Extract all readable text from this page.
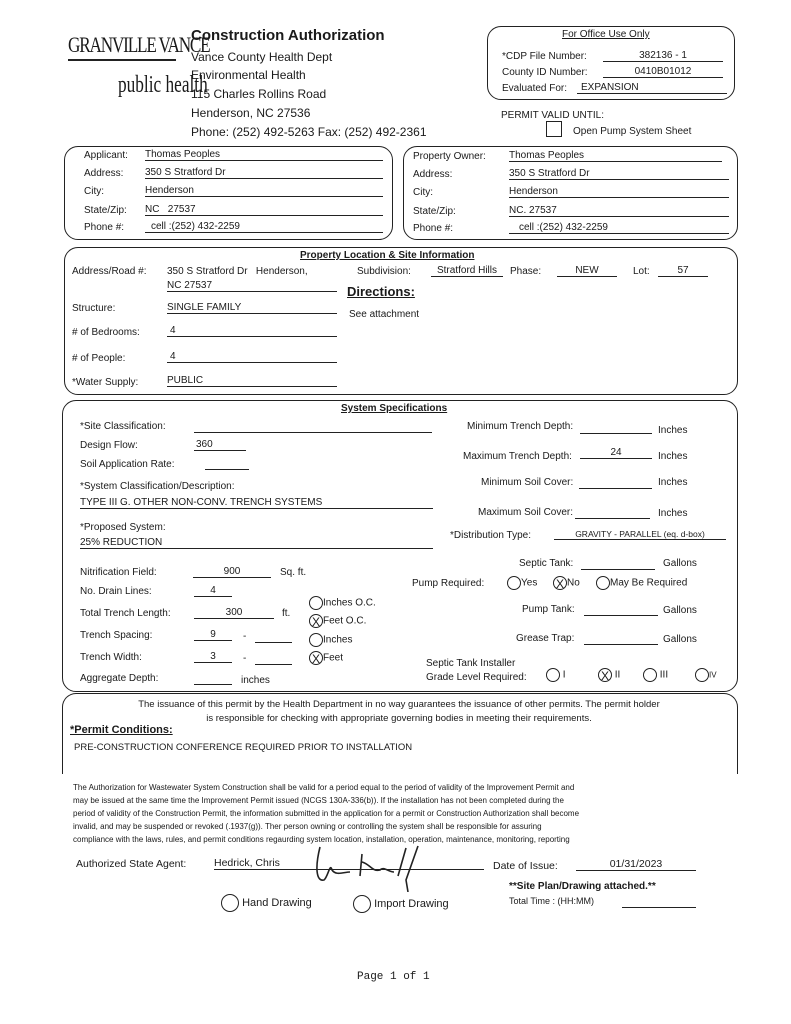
GRANVILLE VANCE
public health
Construction Authorization
Vance County Health Dept
Environmental Health
115 Charles Rollins Road
Henderson, NC 27536
Phone: (252) 492-5263 Fax: (252) 492-2361
For Office Use Only
*CDP File Number:	382136 - 1
County ID Number:	0410B01012
Evaluated For:	EXPANSION
PERMIT VALID UNTIL:
Open Pump System Sheet
Applicant: Thomas Peoples
Address: 350 S Stratford Dr
City:	Henderson
State/Zip: NC   27537
Phone #:	cell :(252) 432-2259
Property Owner: Thomas Peoples
Address:	350 S Stratford Dr
City:	Henderson
State/Zip:	NC. 27537
Phone #:	cell :(252) 432-2259
Property Location & Site Information
Address/Road #: 350 S Stratford Dr   Henderson,
NC 27537
Subdivision:	Stratford Hills	Phase:	NEW	Lot:	57
Directions:
See attachment
Structure:	SINGLE FAMILY
# of Bedrooms:	4
# of People:	4
*Water Supply:	PUBLIC
System Specifications
*Site Classification:
Design Flow:	360
Soil Application Rate:
*System Classification/Description:
TYPE III G. OTHER NON-CONV. TRENCH SYSTEMS
*Proposed System:
25% REDUCTION
Minimum Trench Depth:	Inches
Maximum Trench Depth:	24	Inches
Minimum Soil Cover:	Inches
Maximum Soil Cover:	Inches
*Distribution Type:	GRAVITY - PARALLEL (eq. d-box)
Nitrification Field:	900	Sq. ft.
No. Drain Lines:	4
Total Trench Length:	300	ft.
Trench Spacing:	9	-
Trench Width:	3	-
Aggregate Depth:	inches
Inches O.C.
X Feet O.C.
Inches
X Feet
Septic Tank:	Gallons
Pump Required:	Yes X No	May Be Required
Pump Tank:	Gallons
Grease Trap:	Gallons
Septic Tank Installer
Grade Level Required:	I	X II	III	IV
The issuance of this permit by the Health Department in no way guarantees the issuance of other permits. The permit holder
is responsible for checking with appropriate governing bodies in meeting their requirements.
*Permit Conditions:
PRE-CONSTRUCTION CONFERENCE REQUIRED PRIOR TO INSTALLATION
The Authorization for Wastewater System Construction shall be valid for a period equal to the period of validity of the Improvement Permit and
may be issued at the same time the Improvement Permit issued (NCGS 130A-336(b)). If the installation has not been completed during the
period of validity of the Construction Permit, the information submitted in the application for a permit or Construction Authorization shall become
invalid, and may be suspended or revoked (.1937(g)). Ther person owning or controlling the system shall be responsible for assuring
compliance with the laws, rules, and permit conditions regaurding system location, installation, operation, maintenance, monitoring, reporting
Authorized State Agent:	Hedrick, Chris	Date of Issue:	01/31/2023
**Site Plan/Drawing attached.**
Total Time : (HH:MM)
Hand Drawing	Import Drawing
Page 1 of 1
